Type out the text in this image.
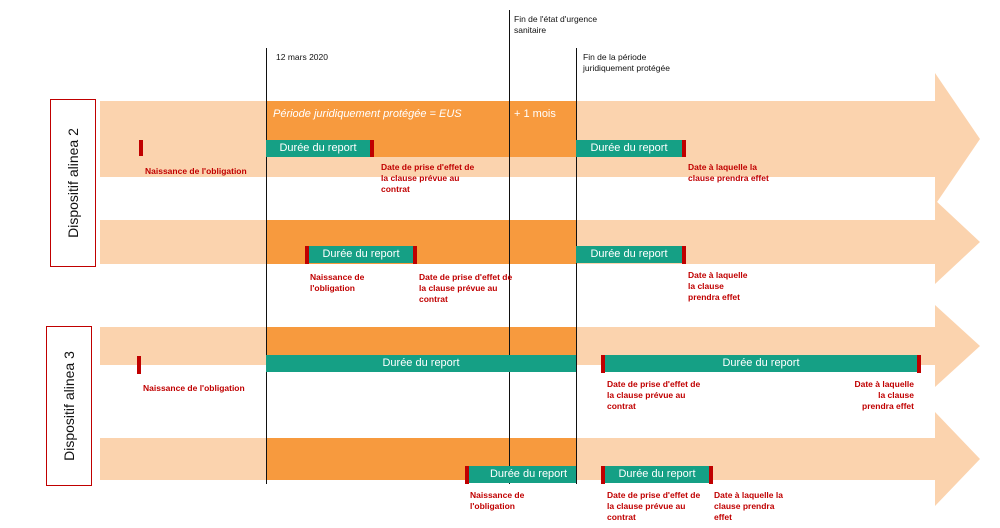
Période juridiquement protégée = EUS	+ 1 mois
12 mars 2020
Fin de l'état d'urgence sanitaire
Fin de la période juridiquement protégée
Dispositif alinea 2
Dispositif alinea 3
Naissance de l'obligation
Durée du report
Date de prise d'effet de la clause prévue au contrat
Durée du report
Date à laquelle la clause prendra effet
Durée du report
Naissance de l'obligation
Date de prise d'effet de la clause prévue au contrat
Durée du report
Date à laquelle la clause prendra effet
Naissance de l'obligation
Durée du report	Durée du report
Date de prise d'effet de la clause prévue au contrat
Date à laquelle la clause prendra effet
Durée du report
Naissance de l'obligation
Durée du report
Date de prise d'effet de la clause prévue au contrat
Date à laquelle la clause prendra effet
